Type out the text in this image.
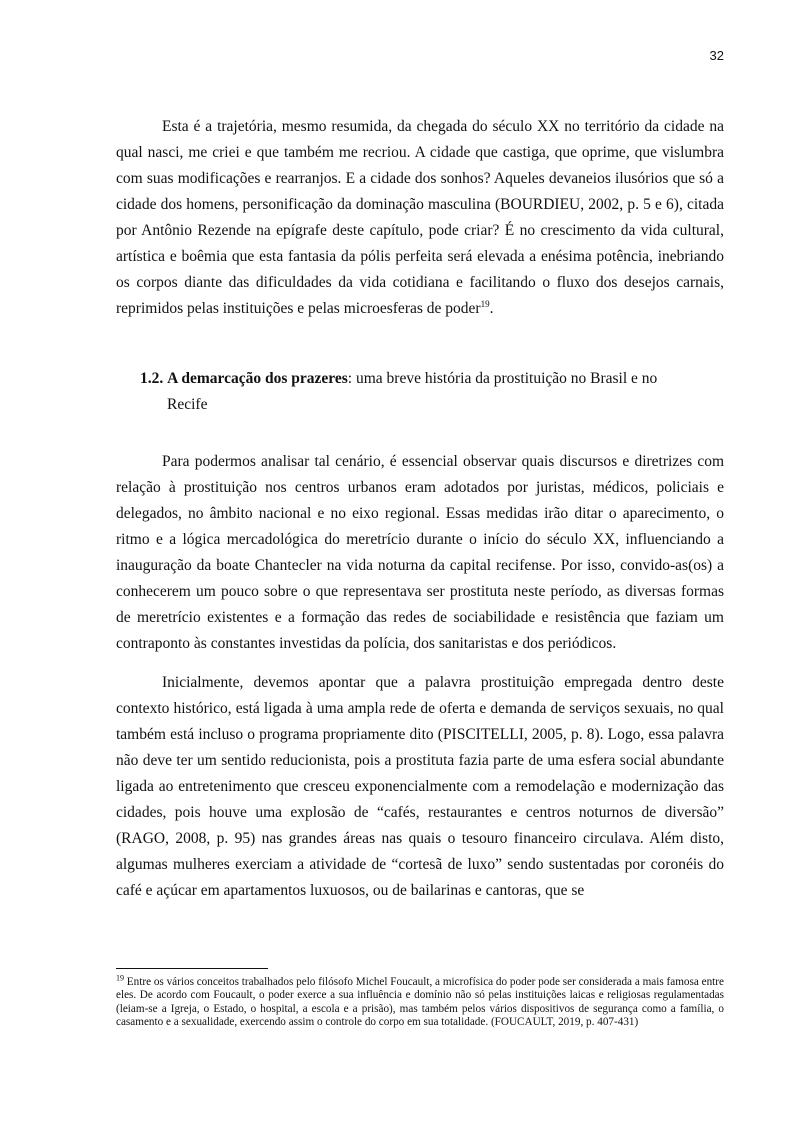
32

Esta é a trajetória, mesmo resumida, da chegada do século XX no território da cidade na qual nasci, me criei e que também me recriou. A cidade que castiga, que oprime, que vislumbra com suas modificações e rearranjos. E a cidade dos sonhos? Aqueles devaneios ilusórios que só a cidade dos homens, personificação da dominação masculina (BOURDIEU, 2002, p. 5 e 6), citada por Antônio Rezende na epígrafe deste capítulo, pode criar? É no crescimento da vida cultural, artística e boêmia que esta fantasia da pólis perfeita será elevada a enésima potência, inebriando os corpos diante das dificuldades da vida cotidiana e facilitando o fluxo dos desejos carnais, reprimidos pelas instituições e pelas microesferas de poder$^{19}$.

1.2. A demarcação dos prazeres: uma breve história da prostituição no Brasil e no
Recife

Para podermos analisar tal cenário, é essencial observar quais discursos e diretrizes com relação à prostituição nos centros urbanos eram adotados por juristas, médicos, policiais e delegados, no âmbito nacional e no eixo regional. Essas medidas irão ditar o aparecimento, o ritmo e a lógica mercadológica do meretrício durante o início do século XX, influenciando a inauguração da boate Chantecler na vida noturna da capital recifense. Por isso, convido-as(os) a conhecerem um pouco sobre o que representava ser prostituta neste período, as diversas formas de meretrício existentes e a formação das redes de sociabilidade e resistência que faziam um contraponto às constantes investidas da polícia, dos sanitaristas e dos periódicos.

Inicialmente, devemos apontar que a palavra prostituição empregada dentro deste contexto histórico, está ligada à uma ampla rede de oferta e demanda de serviços sexuais, no qual também está incluso o programa propriamente dito (PISCITELLI, 2005, p. 8). Logo, essa palavra não deve ter um sentido reducionista, pois a prostituta fazia parte de uma esfera social abundante ligada ao entretenimento que cresceu exponencialmente com a remodelação e modernização das cidades, pois houve uma explosão de “cafés, restaurantes e centros noturnos de diversão” (RAGO, 2008, p. 95) nas grandes áreas nas quais o tesouro financeiro circulava. Além disto, algumas mulheres exerciam a atividade de “cortesã de luxo” sendo sustentadas por coronéis do café e açúcar em apartamentos luxuosos, ou de bailarinas e cantoras, que se

$^{19}$ Entre os vários conceitos trabalhados pelo filósofo Michel Foucault, a microfísica do poder pode ser considerada a mais famosa entre eles. De acordo com Foucault, o poder exerce a sua influência e domínio não só pelas instituições laicas e religiosas regulamentadas (leiam-se a Igreja, o Estado, o hospital, a escola e a prisão), mas também pelos vários dispositivos de segurança como a família, o casamento e a sexualidade, exercendo assim o controle do corpo em sua totalidade. (FOUCAULT, 2019, p. 407-431)
